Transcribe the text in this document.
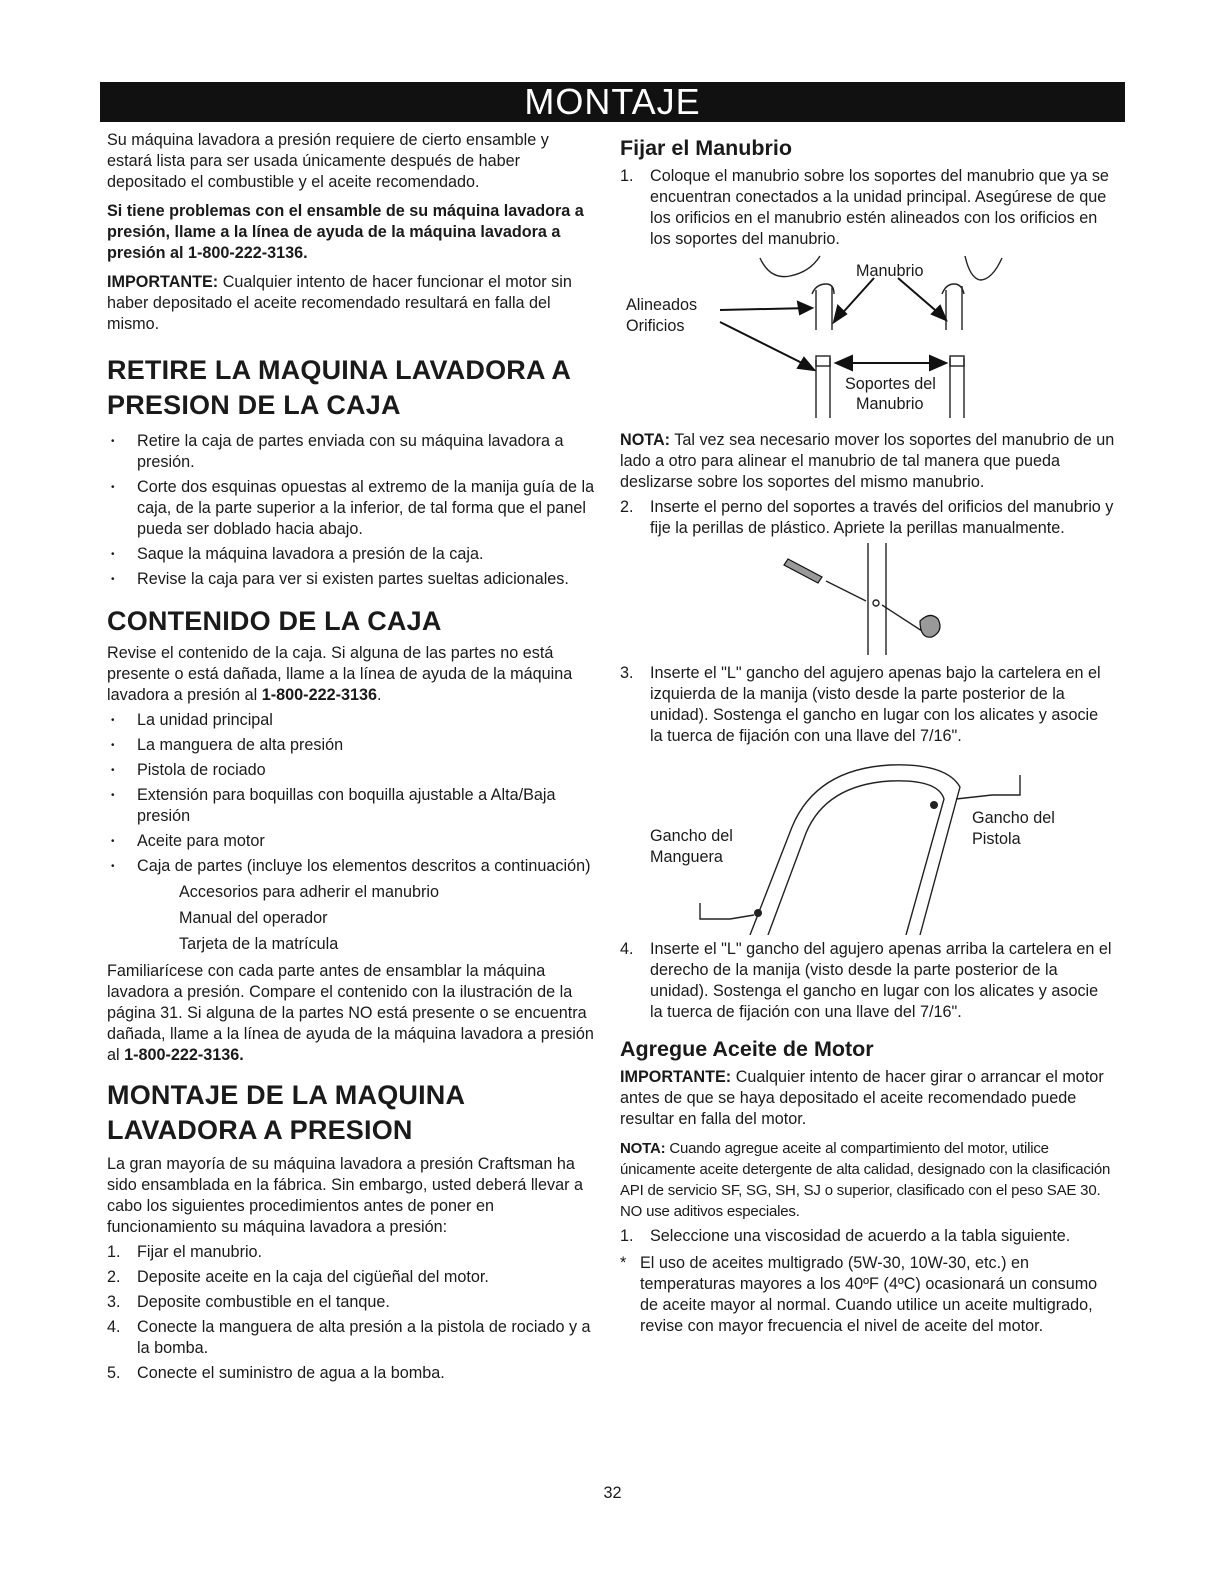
MONTAJE

Su máquina lavadora a presión requiere de cierto ensamble y estará lista para ser usada únicamente después de haber depositado el combustible y el aceite recomendado.

Si tiene problemas con el ensamble de su máquina lavadora a presión, llame a la línea de ayuda de la máquina lavadora a presión al 1-800-222-3136.

IMPORTANTE: Cualquier intento de hacer funcionar el motor sin haber depositado el aceite recomendado resultará en falla del mismo.

RETIRE LA MAQUINA LAVADORA A
PRESION DE LA CAJA
• Retire la caja de partes enviada con su máquina lavadora a presión.
• Corte dos esquinas opuestas al extremo de la manija guía de la caja, de la parte superior a la inferior, de tal forma que el panel pueda ser doblado hacia abajo.
• Saque la máquina lavadora a presión de la caja.
• Revise la caja para ver si existen partes sueltas adicionales.
CONTENIDO DE LA CAJA

Revise el contenido de la caja. Si alguna de las partes no está presente o está dañada, llame a la línea de ayuda de la máquina lavadora a presión al 1-800-222-3136.

• La unidad principal
• La manguera de alta presión
• Pistola de rociado
• Extensión para boquillas con boquilla ajustable a Alta/Baja presión
• Aceite para motor
• Caja de partes (incluye los elementos descritos a continuación)
Accesorios para adherir el manubrio
Manual del operador
Tarjeta de la matrícula

Familiarícese con cada parte antes de ensamblar la máquina lavadora a presión. Compare el contenido con la ilustración de la página 31. Si alguna de la partes NO está presente o se encuentra dañada, llame a la línea de ayuda de la máquina lavadora a presión al 1-800-222-3136.

MONTAJE DE LA MAQUINA
LAVADORA A PRESION

La gran mayoría de su máquina lavadora a presión Craftsman ha sido ensamblada en la fábrica. Sin embargo, usted deberá llevar a cabo los siguientes procedimientos antes de poner en funcionamiento su máquina lavadora a presión:

1. Fijar el manubrio.
2. Deposite aceite en la caja del cigüeñal del motor.
3. Deposite combustible en el tanque.
4. Conecte la manguera de alta presión a la pistola de rociado y a la bomba.
5. Conecte el suministro de agua a la bomba.
Fijar el Manubrio
1. Coloque el manubrio sobre los soportes del manubrio que ya se encuentran conectados a la unidad principal. Asegúrese de que los orificios en el manubrio estén alineados con los orificios en los soportes del manubrio.
Manubrio
Alineados
Orificios
Soportes del
Manubrio

NOTA: Tal vez sea necesario mover los soportes del manubrio de un lado a otro para alinear el manubrio de tal manera que pueda deslizarse sobre los soportes del mismo manubrio.

2. Inserte el perno del soportes a través del orificios del manubrio y fije la perillas de plástico. Apriete la perillas manualmente.
3. Inserte el "L" gancho del agujero apenas bajo la cartelera en el izquierda de la manija (visto desde la parte posterior de la unidad). Sostenga el gancho en lugar con los alicates y asocie la tuerca de fijación con una llave del 7/16".
Gancho del
Manguera
Gancho del
Pistola
4. Inserte el "L" gancho del agujero apenas arriba la cartelera en el derecho de la manija (visto desde la parte posterior de la unidad). Sostenga el gancho en lugar con los alicates y asocie la tuerca de fijación con una llave del 7/16".
Agregue Aceite de Motor

IMPORTANTE: Cualquier intento de hacer girar o arrancar el motor antes de que se haya depositado el aceite recomendado puede resultar en falla del motor.

NOTA: Cuando agregue aceite al compartimiento del motor, utilice únicamente aceite detergente de alta calidad, designado con la clasificación API de servicio SF, SG, SH, SJ o superior, clasificado con el peso SAE 30. NO use aditivos especiales.

1. Seleccione una viscosidad de acuerdo a la tabla siguiente.
* El uso de aceites multigrado (5W-30, 10W-30, etc.) en temperaturas mayores a los 40ºF (4ºC) ocasionará un consumo de aceite mayor al normal. Cuando utilice un aceite multigrado, revise con mayor frecuencia el nivel de aceite del motor.
32
